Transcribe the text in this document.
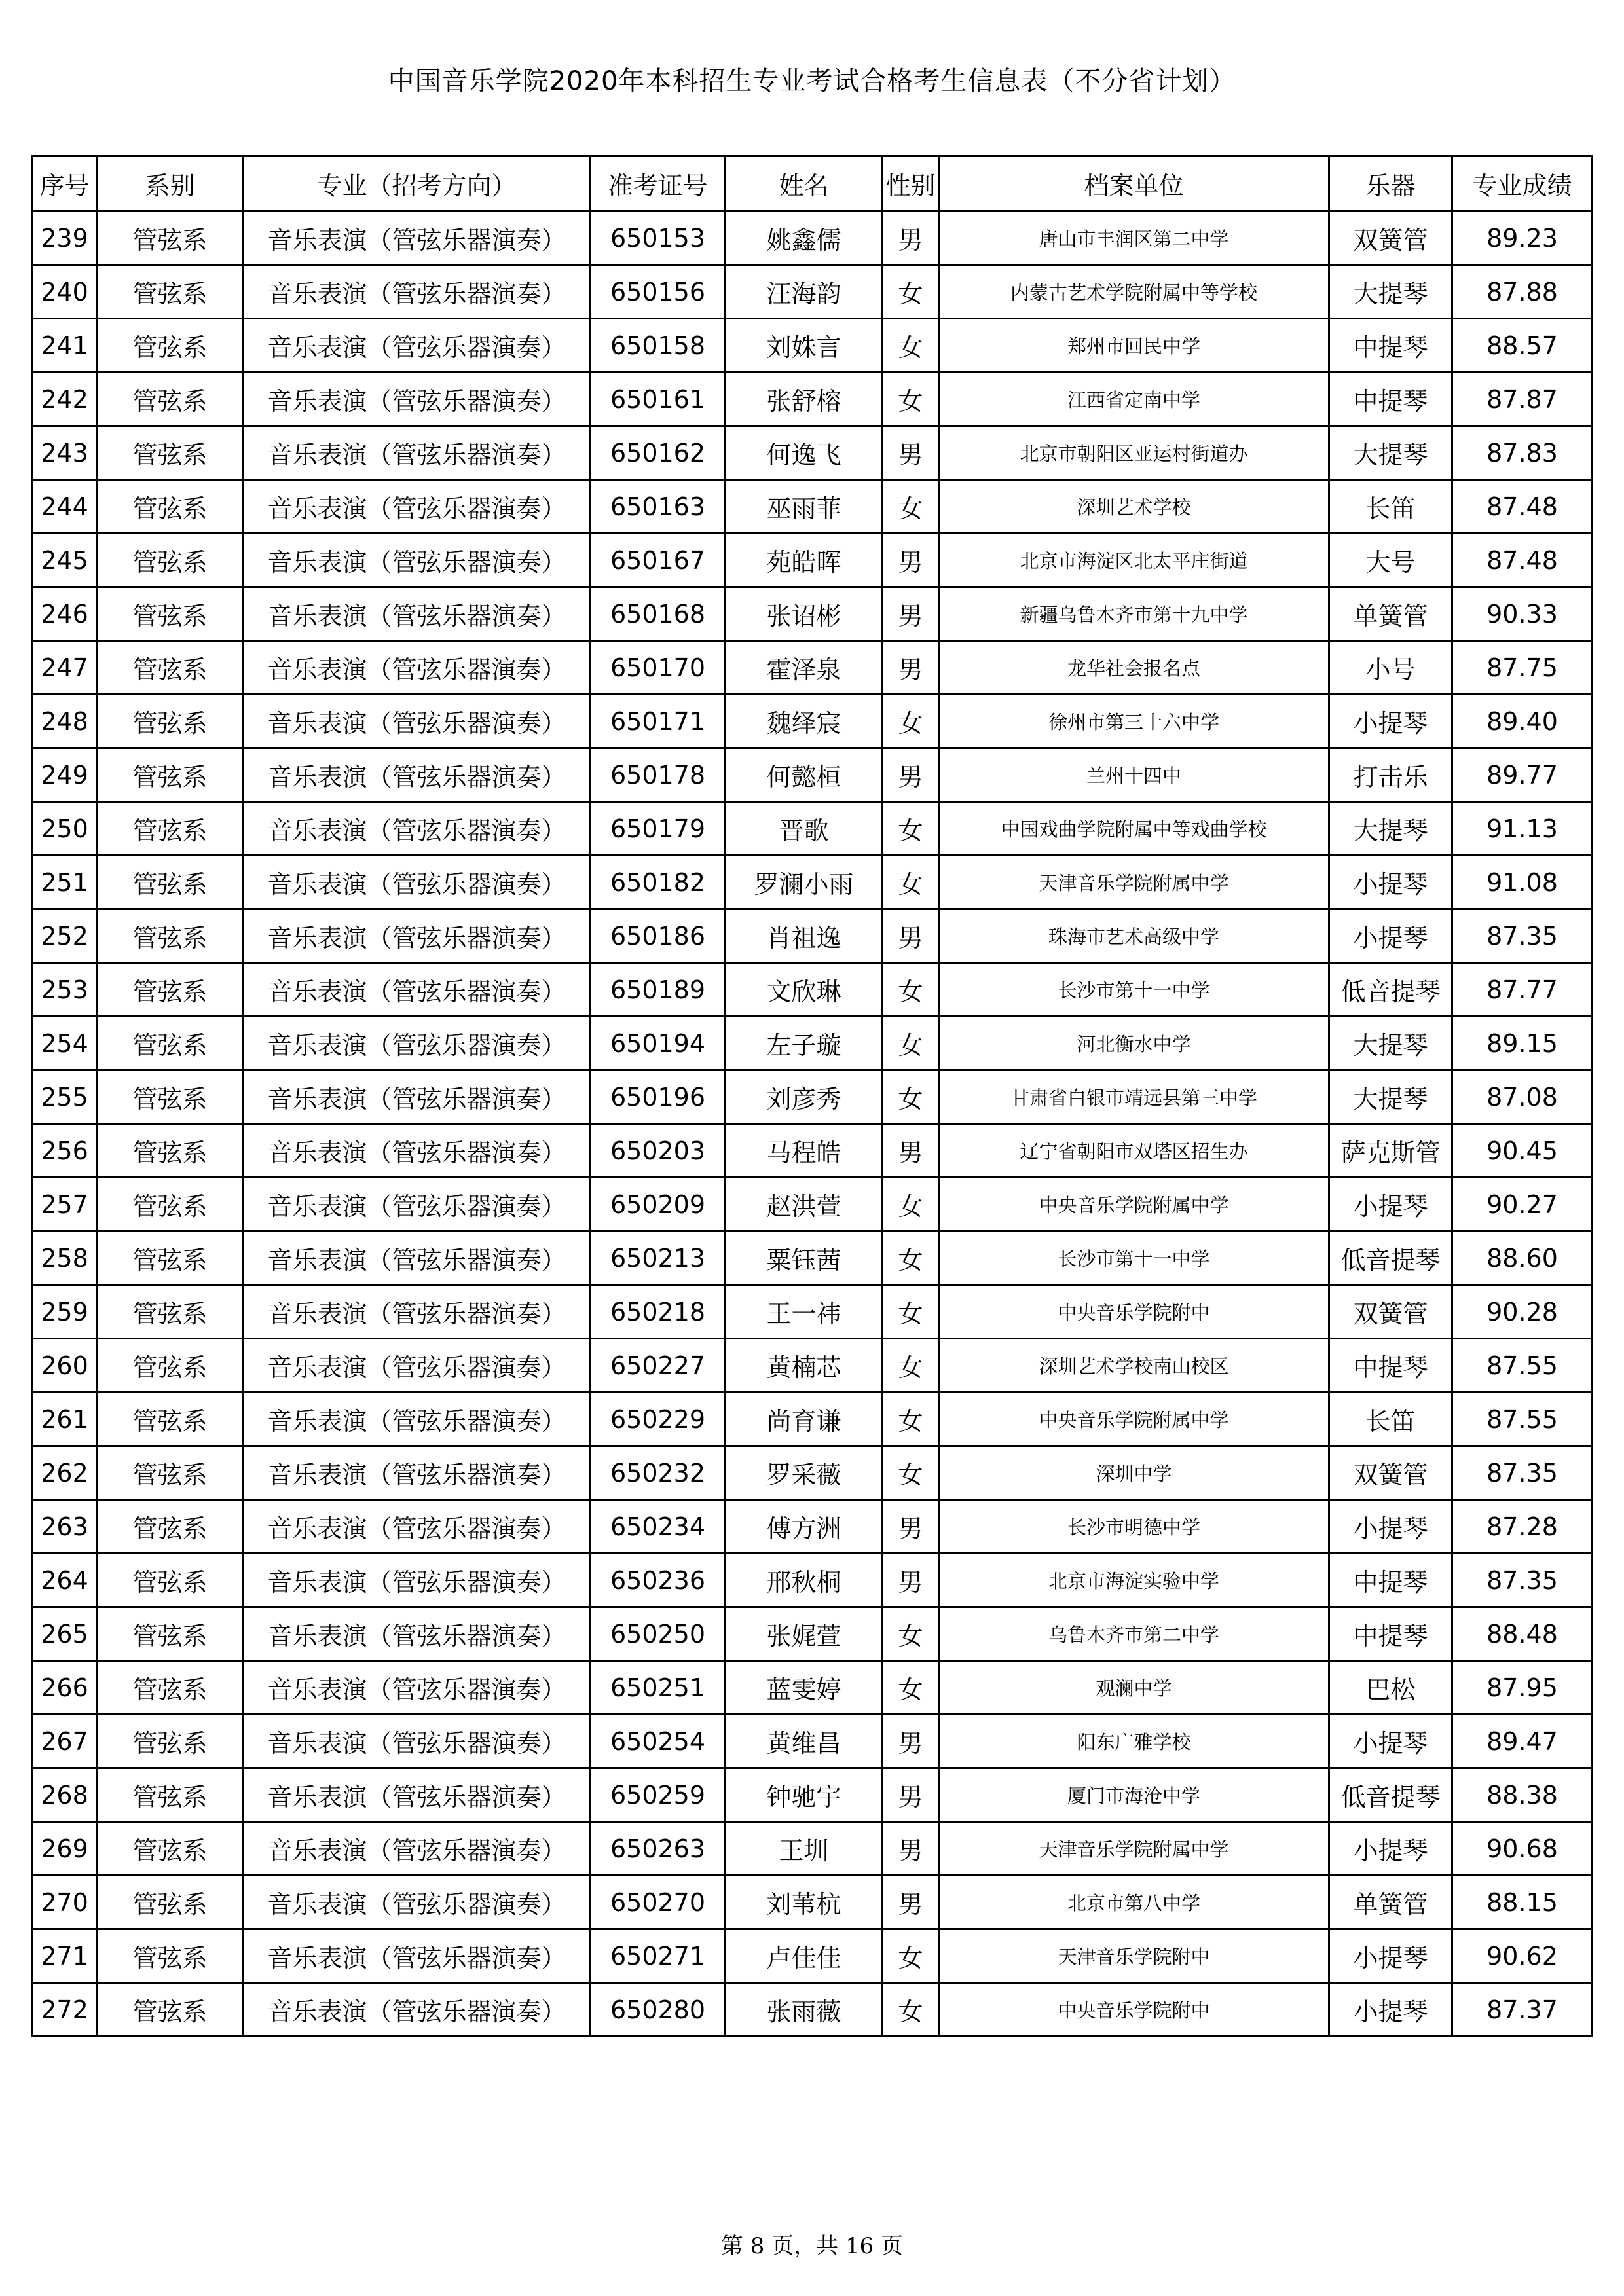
中国音乐学院2020年本科招生专业考试合格考生信息表（不分省计划）
序号	系别	专业（招考方向）	准考证号	姓名	性别	档案单位	乐器	专业成绩
239	管弦系	音乐表演（管弦乐器演奏）	650153	姚鑫儒	男	唐山市丰润区第二中学	双簧管	89.23
240	管弦系	音乐表演（管弦乐器演奏）	650156	汪海韵	女	内蒙古艺术学院附属中等学校	大提琴	87.88
241	管弦系	音乐表演（管弦乐器演奏）	650158	刘姝言	女	郑州市回民中学	中提琴	88.57
242	管弦系	音乐表演（管弦乐器演奏）	650161	张舒榕	女	江西省定南中学	中提琴	87.87
243	管弦系	音乐表演（管弦乐器演奏）	650162	何逸飞	男	北京市朝阳区亚运村街道办	大提琴	87.83
244	管弦系	音乐表演（管弦乐器演奏）	650163	巫雨菲	女	深圳艺术学校	长笛	87.48
245	管弦系	音乐表演（管弦乐器演奏）	650167	苑皓晖	男	北京市海淀区北太平庄街道	大号	87.48
246	管弦系	音乐表演（管弦乐器演奏）	650168	张诏彬	男	新疆乌鲁木齐市第十九中学	单簧管	90.33
247	管弦系	音乐表演（管弦乐器演奏）	650170	霍泽泉	男	龙华社会报名点	小号	87.75
248	管弦系	音乐表演（管弦乐器演奏）	650171	魏绎宸	女	徐州市第三十六中学	小提琴	89.40
249	管弦系	音乐表演（管弦乐器演奏）	650178	何懿桓	男	兰州十四中	打击乐	89.77
250	管弦系	音乐表演（管弦乐器演奏）	650179	晋歌	女	中国戏曲学院附属中等戏曲学校	大提琴	91.13
251	管弦系	音乐表演（管弦乐器演奏）	650182	罗澜小雨	女	天津音乐学院附属中学	小提琴	91.08
252	管弦系	音乐表演（管弦乐器演奏）	650186	肖祖逸	男	珠海市艺术高级中学	小提琴	87.35
253	管弦系	音乐表演（管弦乐器演奏）	650189	文欣琳	女	长沙市第十一中学	低音提琴	87.77
254	管弦系	音乐表演（管弦乐器演奏）	650194	左子璇	女	河北衡水中学	大提琴	89.15
255	管弦系	音乐表演（管弦乐器演奏）	650196	刘彦秀	女	甘肃省白银市靖远县第三中学	大提琴	87.08
256	管弦系	音乐表演（管弦乐器演奏）	650203	马程皓	男	辽宁省朝阳市双塔区招生办	萨克斯管	90.45
257	管弦系	音乐表演（管弦乐器演奏）	650209	赵洪萱	女	中央音乐学院附属中学	小提琴	90.27
258	管弦系	音乐表演（管弦乐器演奏）	650213	粟钰茜	女	长沙市第十一中学	低音提琴	88.60
259	管弦系	音乐表演（管弦乐器演奏）	650218	王一祎	女	中央音乐学院附中	双簧管	90.28
260	管弦系	音乐表演（管弦乐器演奏）	650227	黄楠芯	女	深圳艺术学校南山校区	中提琴	87.55
261	管弦系	音乐表演（管弦乐器演奏）	650229	尚育谦	女	中央音乐学院附属中学	长笛	87.55
262	管弦系	音乐表演（管弦乐器演奏）	650232	罗采薇	女	深圳中学	双簧管	87.35
263	管弦系	音乐表演（管弦乐器演奏）	650234	傅方洲	男	长沙市明德中学	小提琴	87.28
264	管弦系	音乐表演（管弦乐器演奏）	650236	邢秋桐	男	北京市海淀实验中学	中提琴	87.35
265	管弦系	音乐表演（管弦乐器演奏）	650250	张娓萱	女	乌鲁木齐市第二中学	中提琴	88.48
266	管弦系	音乐表演（管弦乐器演奏）	650251	蓝雯婷	女	观澜中学	巴松	87.95
267	管弦系	音乐表演（管弦乐器演奏）	650254	黄维昌	男	阳东广雅学校	小提琴	89.47
268	管弦系	音乐表演（管弦乐器演奏）	650259	钟驰宇	男	厦门市海沧中学	低音提琴	88.38
269	管弦系	音乐表演（管弦乐器演奏）	650263	王圳	男	天津音乐学院附属中学	小提琴	90.68
270	管弦系	音乐表演（管弦乐器演奏）	650270	刘苇杭	男	北京市第八中学	单簧管	88.15
271	管弦系	音乐表演（管弦乐器演奏）	650271	卢佳佳	女	天津音乐学院附中	小提琴	90.62
272	管弦系	音乐表演（管弦乐器演奏）	650280	张雨薇	女	中央音乐学院附中	小提琴	87.37
第 8 页，共 16 页
